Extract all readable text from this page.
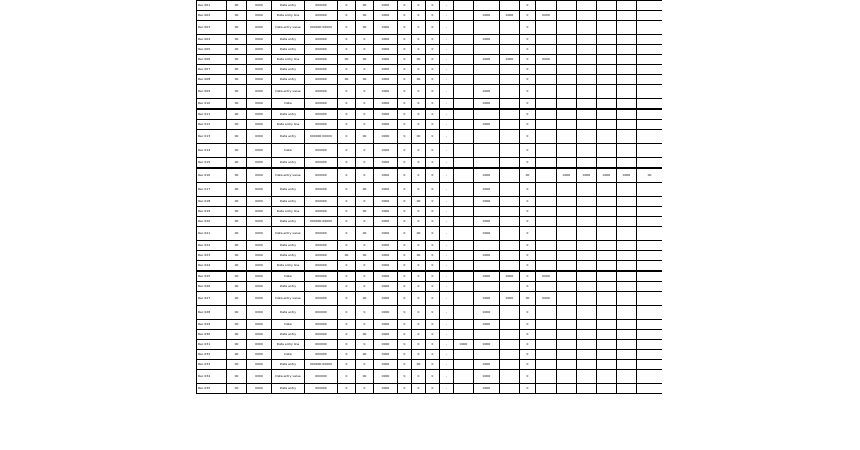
Rec 001	00	0000	Data entry	000000	0	00	0000	0	0	0	-				0						
Rec 002	00	0000	Data entry line	000000	0	00	0000	0	0	0	-		0000	0000	0	0000					
Rec 003	00	0000	Data entry value	000000 00000	0	00	0000	0	0	0	-				0						
Rec 004	00	0000	Data entry	000000	0	0	0000	0	0	0	-		0000		0						
Rec 005	00	0000	Data entry	000000	0	0	0000	0	0	0	-				0						
Rec 006	00	0000	Data entry line	000000	00	00	0000	0	00	0	-		0000	0000	0	0000					
Rec 007	00	0000	Data entry	000000	0	0	0000	0	0	0	-				0						
Rec 008	00	0000	Data entry	000000	00	00	0000	0	00	0	-				0						
Rec 009	00	0000	Data entry value	000000	0	0	0000	0	0	0	-		0000		0						
Rec 010	00	0000	Data	000000	0	0	0000	0	0	0	-		0000		0						
Rec 011	00	0000	Data entry	000000	0	0	0000	0	0	0	-				0						
Rec 012	00	0000	Data entry line	000000	0	0	0000	0	0	0	-		0000		0						
Rec 013	00	0000	Data entry	000000 00000	0	00	0000	0	00	0	-				0						
Rec 014	00	0000	Data	000000	0	0	0000	0	0	0	-				0						
Rec 015	00	0000	Data entry	000000	0	0	0000	0	0	0	-				0						
Rec 016	00	0000	Data entry value	000000	0	0	0000	0	0	0	-		0000		00		0000	0000	0000	0000	00
Rec 017	00	0000	Data entry	000000	0	00	0000	0	0	0	-		0000		0						
Rec 018	00	0000	Data entry	000000	0	0	0000	0	00	0	-		0000		0						
Rec 019	00	0000	Data entry line	000000	0	00	0000	0	0	0	-				0						
Rec 020	00	0000	Data entry	000000 00000	0	0	0000	0	0	0	-		0000		0						
Rec 021	00	0000	Data entry value	000000	0	00	0000	0	00	0	-		0000		0						
Rec 022	00	0000	Data entry	000000	0	0	0000	0	0	0	-				0						
Rec 023	00	0000	Data entry	000000	00	00	0000	0	00	0	-		0000		0						
Rec 024	00	0000	Data entry line	000000	0	0	0000	0	0	0	-				0						
Rec 025	00	0000	Data	000000	0	0	0000	0	0	0	-		0000	0000	0	0000					
Rec 026	00	0000	Data entry	000000	0	0	0000	0	0	0	-				0						
Rec 027	00	0000	Data entry value	000000	0	00	0000	0	0	0	-		0000	0000	00	0000					
Rec 028	00	0000	Data entry	000000	0	0	0000	0	0	0	-		0000		0						
Rec 029	00	0000	Data	000000	0	0	0000	0	0	0	-		0000		0						
Rec 030	00	0000	Data entry	000000	0	00	0000	0	0	0	-				0						
Rec 031	00	0000	Data entry line	000000	0	0	0000	0	0	0	-	0000	0000		0						
Rec 032	00	0000	Data	000000	0	00	0000	0	0	0	-				0						
Rec 033	00	0000	Data entry	000000 00000	0	0	0000	0	00	0	-		0000		0						
Rec 034	00	0000	Data entry value	000000	0	00	0000	0	0	0	-		0000		0						
Rec 035	00	0000	Data entry	000000	0	0	0000	0	0	0	-		0000		0						
